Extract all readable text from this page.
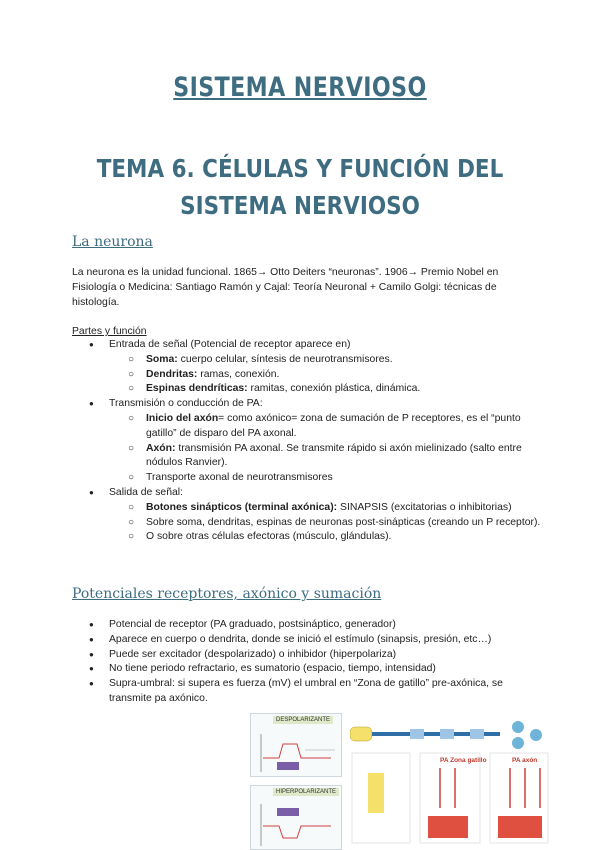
SISTEMA NERVIOSO
TEMA 6. CÉLULAS Y FUNCIÓN DEL SISTEMA NERVIOSO
La neurona
La neurona es la unidad funcional. 1865→ Otto Deiters “neuronas”. 1906→ Premio Nobel en Fisiología o Medicina: Santiago Ramón y Cajal: Teoría Neuronal + Camilo Golgi: técnicas de histología.
Partes y función
● Entrada de señal (Potencial de receptor aparece en)
○ Soma: cuerpo celular, síntesis de neurotransmisores.
○ Dendritas: ramas, conexión.
○ Espinas dendríticas: ramitas, conexión plástica, dinámica.
● Transmisión o conducción de PA:
○ Inicio del axón= como axónico= zona de sumación de P receptores, es el “punto gatillo” de disparo del PA axonal.
○ Axón: transmisión PA axonal. Se transmite rápido si axón mielinizado (salto entre nódulos Ranvier).
○ Transporte axonal de neurotransmisores
● Salida de señal:
○ Botones sinápticos (terminal axónica): SINAPSIS (excitatorias o inhibitorias)
○ Sobre soma, dendritas, espinas de neuronas post-sinápticas (creando un P receptor).
○ O sobre otras células efectoras (músculo, glándulas).
Potenciales receptores, axónico y sumación
● Potencial de receptor (PA graduado, postsináptico, generador)
● Aparece en cuerpo o dendrita, donde se inició el estímulo (sinapsis, presión, etc…)
● Puede ser excitador (despolarizado) o inhibidor (hiperpolariza)
● No tiene periodo refractario, es sumatorio (espacio, tiempo, intensidad)
● Supra-umbral: si supera es fuerza (mV) el umbral en “Zona de gatillo” pre-axónica, se transmite pa axónico.
DESPOLARIZANTE
HIPERPOLARIZANTE
PA Zona gatillo	PA axón
